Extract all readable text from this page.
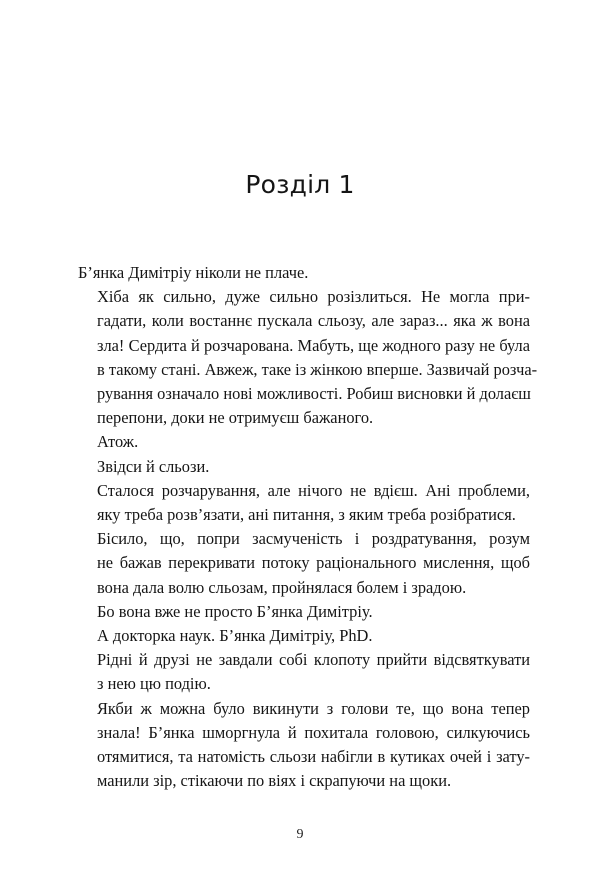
Розділ 1

Б’янка Димітріу ніколи не плаче.

Хіба як сильно, дуже сильно розізлиться. Не могла при-
гадати, коли востаннє пускала сльозу, але зараз... яка ж вона
зла! Сердита й розчарована. Мабуть, ще жодного разу не була
в такому стані. Авжеж, таке із жінкою вперше. Зазвичай розча-
рування означало нові можливості. Робиш висновки й долаєш
перепони, доки не отримуєш бажаного.

Атож.

Звідси й сльози.

Сталося розчарування, але нічого не вдієш. Ані проблеми,
яку треба розв’язати, ані питання, з яким треба розібратися.

Бісило, що, попри засмученість і роздратування, розум
не бажав перекривати потоку раціонального мислення, щоб
вона дала волю сльозам, пройнялася болем і зрадою.

Бо вона вже не просто Б’янка Димітріу.

А докторка наук. Б’янка Димітріу, PhD.

Рідні й друзі не завдали собі клопоту прийти відсвяткувати
з нею цю подію.

Якби ж можна було викинути з голови те, що вона тепер
знала! Б’янка шморгнула й похитала головою, силкуючись
отямитися, та натомість сльози набігли в кутиках очей і зату-
манили зір, стікаючи по віях і скрапуючи на щоки.

9
